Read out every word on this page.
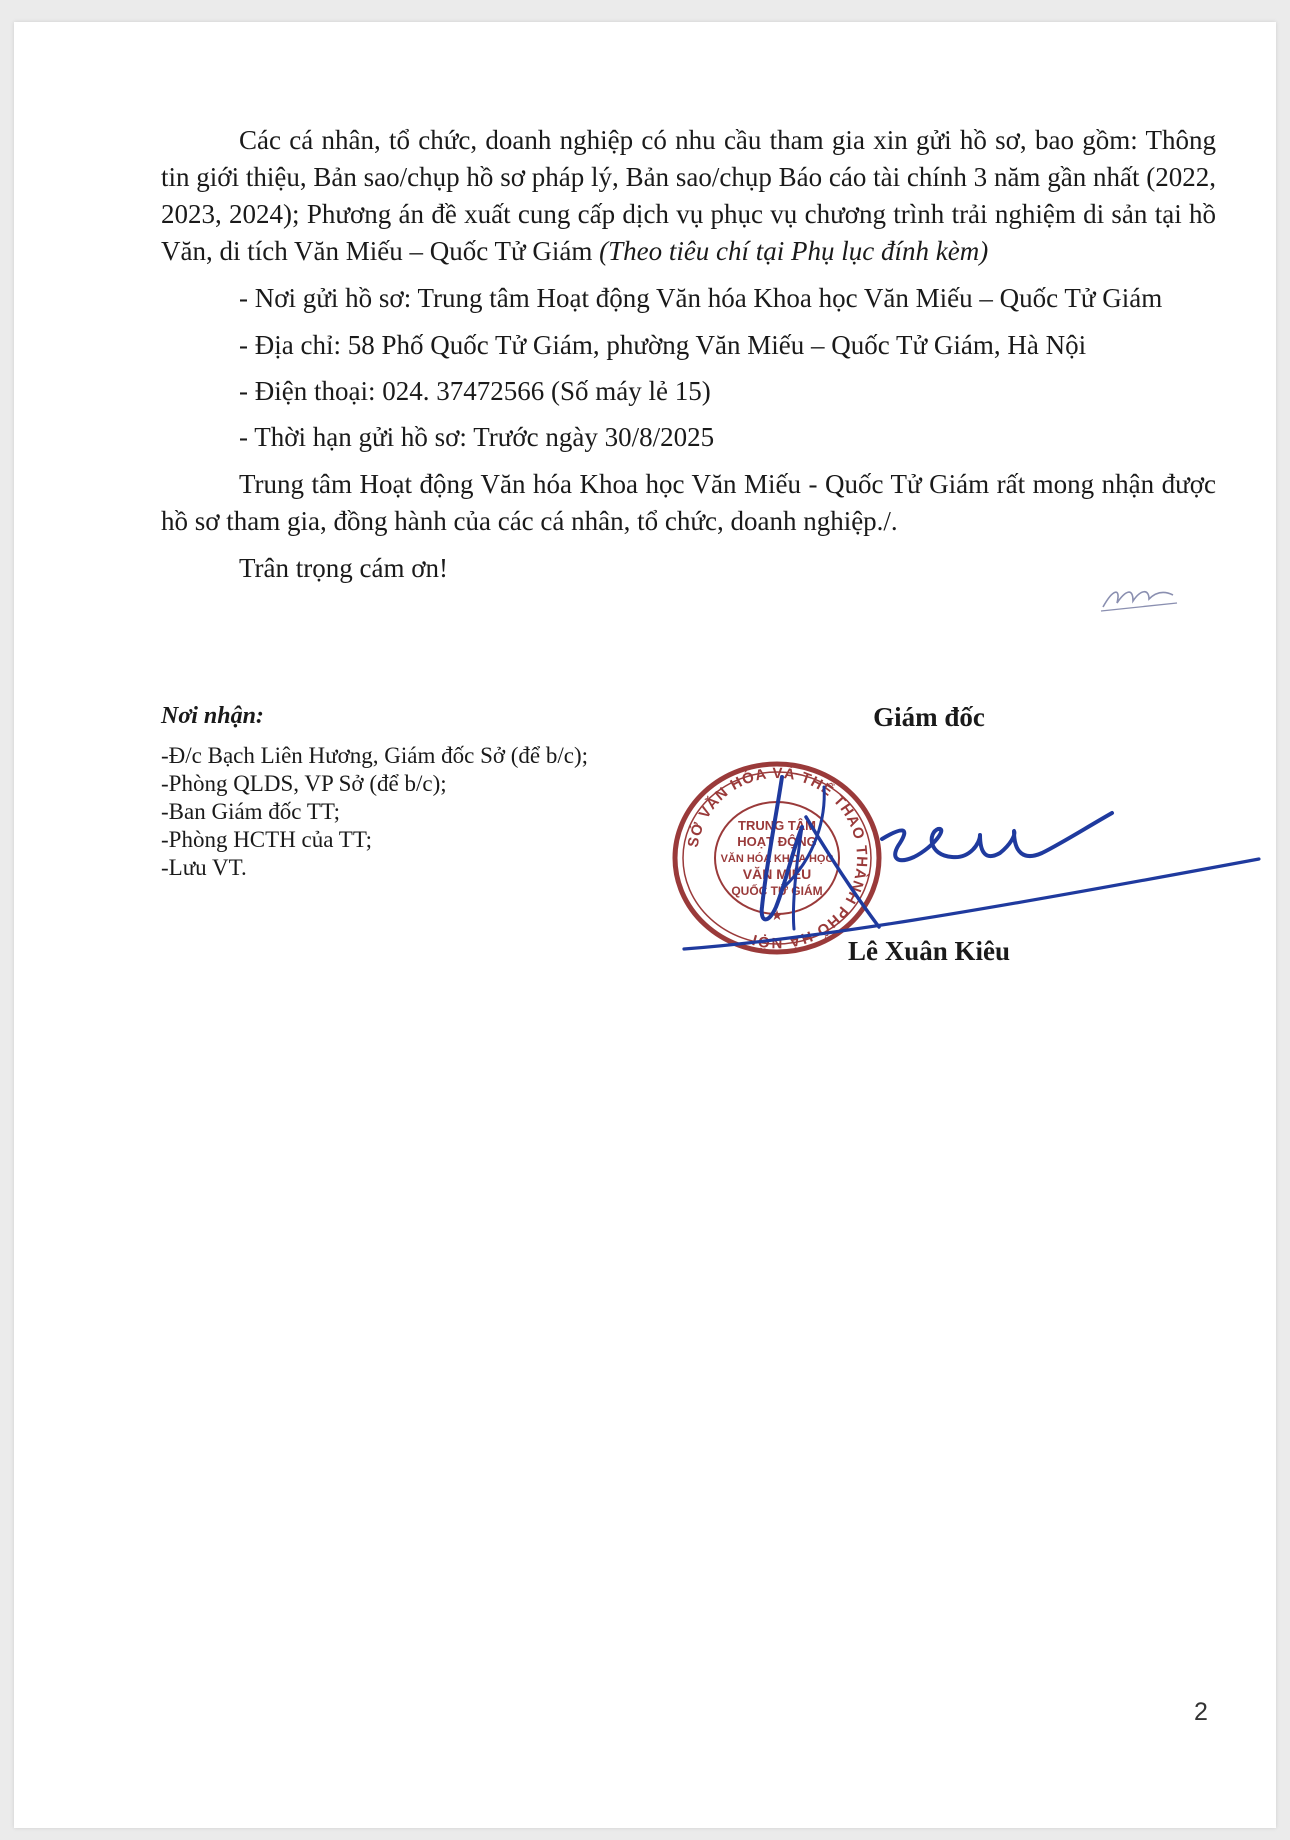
Các cá nhân, tổ chức, doanh nghiệp có nhu cầu tham gia xin gửi hồ sơ, bao gồm: Thông tin giới thiệu, Bản sao/chụp hồ sơ pháp lý, Bản sao/chụp Báo cáo tài chính 3 năm gần nhất (2022, 2023, 2024); Phương án đề xuất cung cấp dịch vụ phục vụ chương trình trải nghiệm di sản tại hồ Văn, di tích Văn Miếu – Quốc Tử Giám (Theo tiêu chí tại Phụ lục đính kèm)

- Nơi gửi hồ sơ: Trung tâm Hoạt động Văn hóa Khoa học Văn Miếu – Quốc Tử Giám

- Địa chỉ: 58 Phố Quốc Tử Giám, phường Văn Miếu – Quốc Tử Giám, Hà Nội

- Điện thoại: 024. 37472566 (Số máy lẻ 15)

- Thời hạn gửi hồ sơ: Trước ngày 30/8/2025

Trung tâm Hoạt động Văn hóa Khoa học Văn Miếu - Quốc Tử Giám rất mong nhận được hồ sơ tham gia, đồng hành của các cá nhân, tổ chức, doanh nghiệp./.

Trân trọng cám ơn!

Nơi nhận:
-Đ/c Bạch Liên Hương, Giám đốc Sở (để b/c);
-Phòng QLDS, VP Sở (để b/c);
-Ban Giám đốc TT;
-Phòng HCTH của TT;
-Lưu VT.
Giám đốc
SỞ VĂN HÓA VÀ THỂ THAO THÀNH PHỐ HÀ NỘI
★
TRUNG TÂM
HOẠT ĐỘNG
VĂN HÓA KHOA HỌC
VĂN MIẾU
QUỐC TỬ GIÁM
Lê Xuân Kiêu
2
